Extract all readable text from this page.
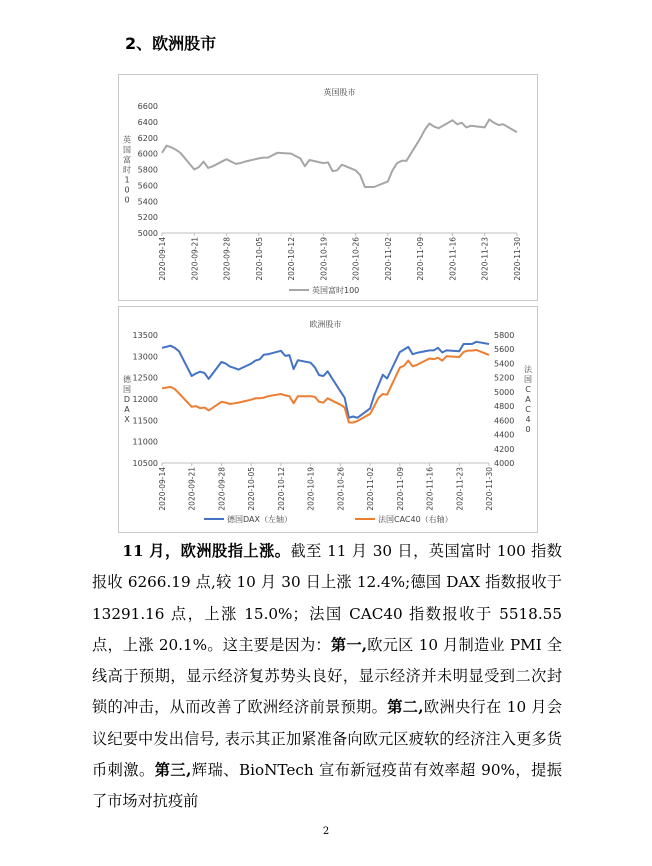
2、欧洲股市
英国股市
5000
5200
5400
5600
5800
6000
6200
6400
6600
英
国
富
时
1
0
0
2020-09-14	2020-09-21	2020-09-28	2020-10-05	2020-10-12	2020-10-19	2020-10-26	2020-11-02	2020-11-09	2020-11-16	2020-11-23	2020-11-30
英国富时100
欧洲股市
10500
11000
11500
12000
12500
13000
13500
4000
4200
4400
4600
4800
5000
5200
5400
5600
5800
德
国
D
A
X
法
国
C
A
C
4
0
2020-09-14	2020-09-21	2020-09-28	2020-10-05	2020-10-12	2020-10-19	2020-10-26	2020-11-02	2020-11-09	2020-11-16	2020-11-23	2020-11-30
德国DAX（左轴）	法国CAC40（右轴）

11 月，欧洲股指上涨。截至 11 月 30 日，英国富时 100 指数报收 6266.19 点,较 10 月 30 日上涨 12.4%;德国 DAX 指数报收于 13291.16 点，上涨 15.0%；法国 CAC40 指数报收于 5518.55 点，上涨 20.1%。这主要是因为：第一,欧元区 10 月制造业 PMI 全线高于预期，显示经济复苏势头良好，显示经济并未明显受到二次封锁的冲击，从而改善了欧洲经济前景预期。第二,欧洲央行在 10 月会议纪要中发出信号, 表示其正加紧准备向欧元区疲软的经济注入更多货币刺激。第三,辉瑞、BioNTech 宣布新冠疫苗有效率超 90%，提振了市场对抗疫前

2
